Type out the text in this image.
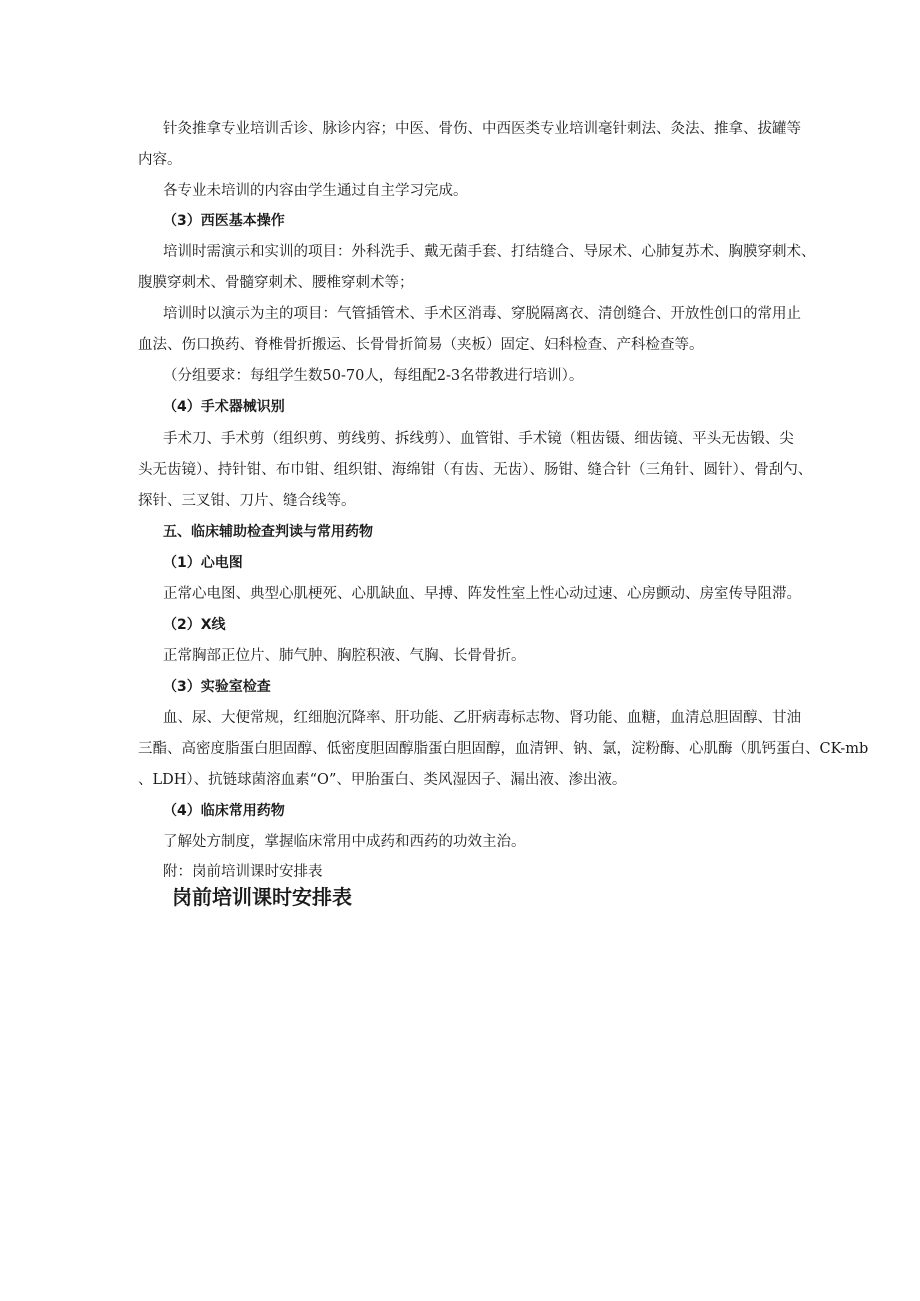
针灸推拿专业培训舌诊、脉诊内容；中医、骨伤、中西医类专业培训毫针刺法、灸法、推拿、拔罐等
内容。
各专业未培训的内容由学生通过自主学习完成。
（3）西医基本操作
培训时需演示和实训的项目：外科洗手、戴无菌手套、打结缝合、导尿术、心肺复苏术、胸膜穿刺术、
腹膜穿刺术、骨髓穿刺术、腰椎穿刺术等；
培训时以演示为主的项目：气管插管术、手术区消毒、穿脱隔离衣、清创缝合、开放性创口的常用止
血法、伤口换药、脊椎骨折搬运、长骨骨折简易（夹板）固定、妇科检查、产科检查等。
（分组要求：每组学生数50-70人，每组配2-3名带教进行培训）。
（4）手术器械识别
手术刀、手术剪（组织剪、剪线剪、拆线剪）、血管钳、手术镜（粗齿镊、细齿镜、平头无齿锻、尖
头无齿镜）、持针钳、布巾钳、组织钳、海绵钳（有齿、无齿）、肠钳、缝合针（三角针、圆针）、骨刮勺、
探针、三叉钳、刀片、缝合线等。
五、临床辅助检查判读与常用药物
（1）心电图
正常心电图、典型心肌梗死、心肌缺血、早搏、阵发性室上性心动过速、心房颤动、房室传导阻滞。
（2）X线
正常胸部正位片、肺气肿、胸腔积液、气胸、长骨骨折。
（3）实验室检查
血、尿、大便常规，红细胞沉降率、肝功能、乙肝病毒标志物、肾功能、血糖，血清总胆固醇、甘油
三酯、高密度脂蛋白胆固醇、低密度胆固醇脂蛋白胆固醇，血清钾、钠、氯，淀粉酶、心肌酶（肌钙蛋白、CK-mb
、LDH）、抗链球菌溶血素“O”、甲胎蛋白、类风湿因子、漏出液、渗出液。
（4）临床常用药物
了解处方制度，掌握临床常用中成药和西药的功效主治。
附：岗前培训课时安排表
岗前培训课时安排表
